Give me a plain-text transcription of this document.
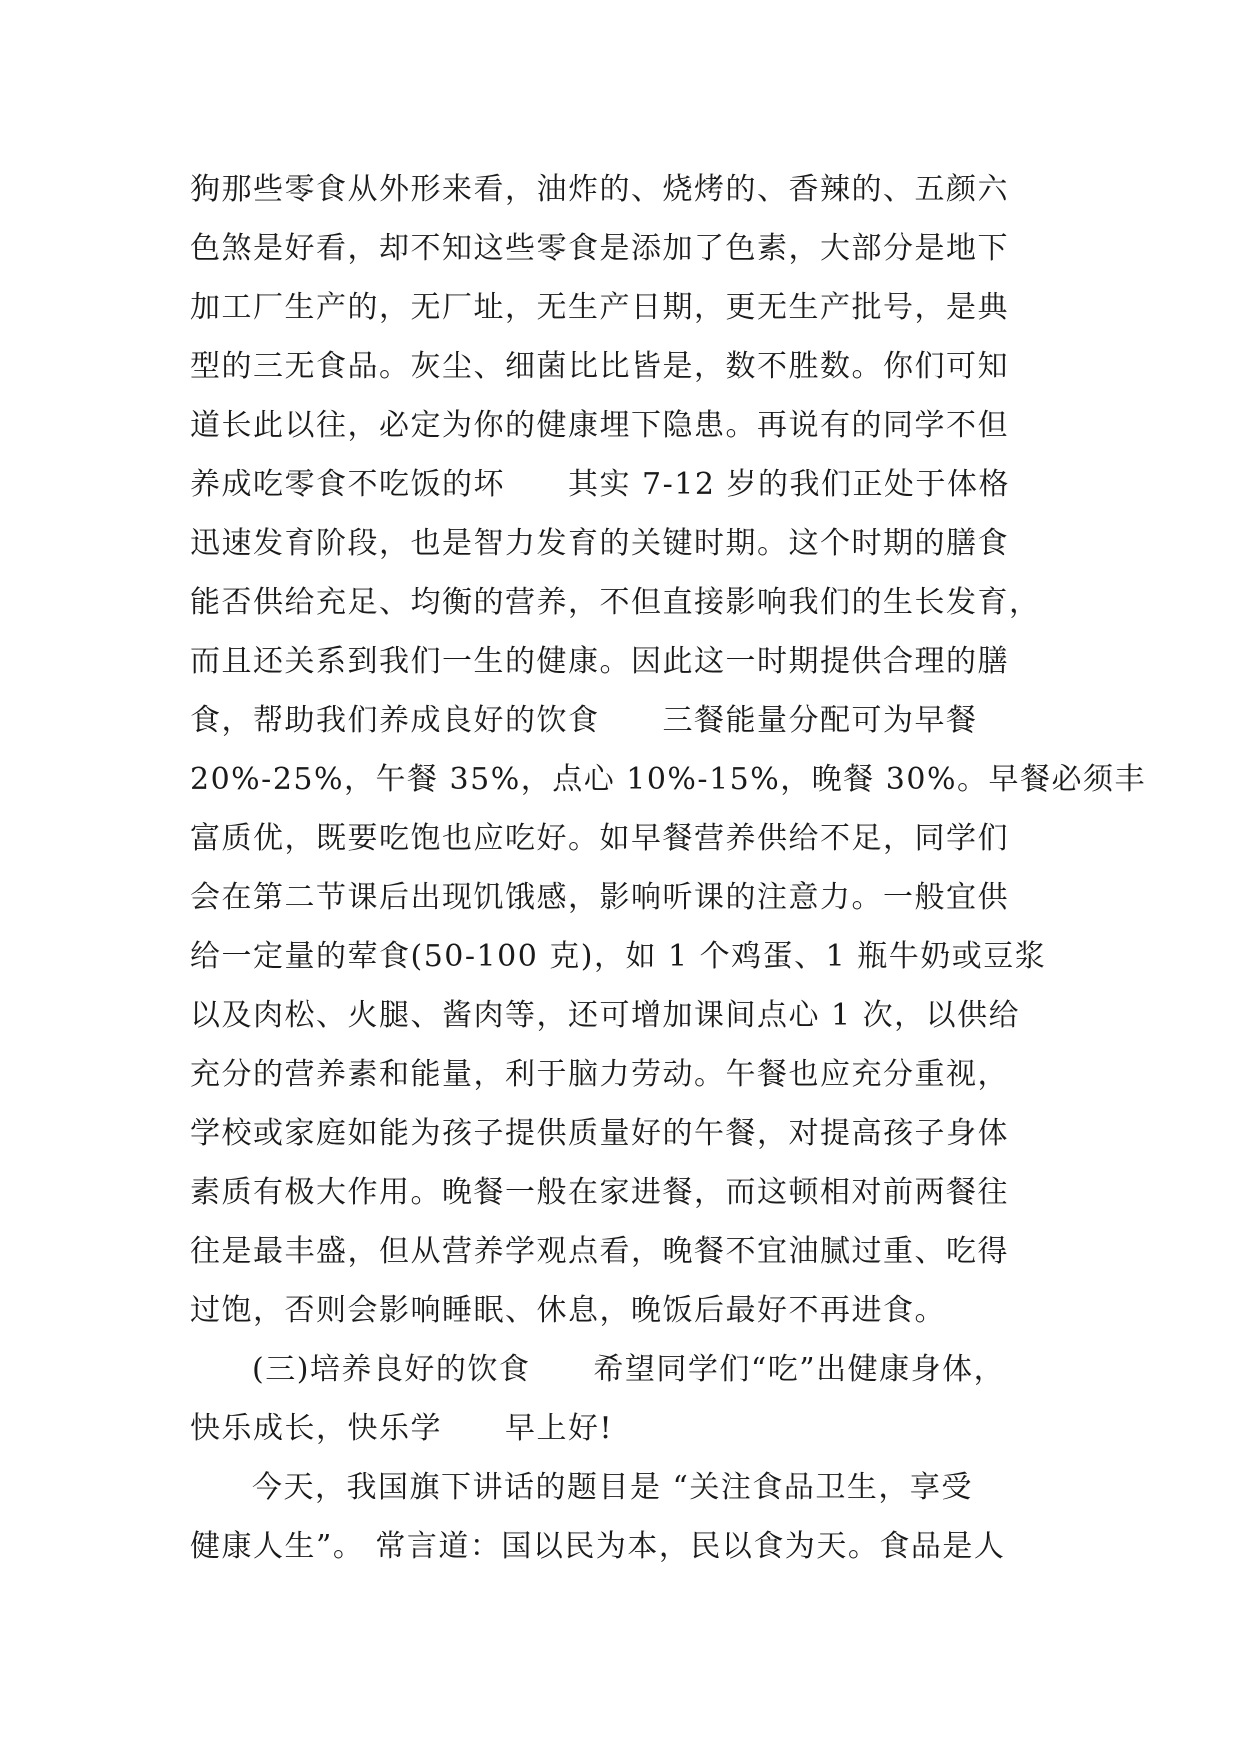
狗那些零食从外形来看，油炸的、烧烤的、香辣的、五颜六
色煞是好看，却不知这些零食是添加了色素，大部分是地下
加工厂生产的，无厂址，无生产日期，更无生产批号，是典
型的三无食品。灰尘、细菌比比皆是，数不胜数。你们可知
道长此以往，必定为你的健康埋下隐患。再说有的同学不但
养成吃零食不吃饭的坏　　其实 7-12 岁的我们正处于体格
迅速发育阶段，也是智力发育的关键时期。这个时期的膳食
能否供给充足、均衡的营养，不但直接影响我们的生长发育，
而且还关系到我们一生的健康。因此这一时期提供合理的膳
食，帮助我们养成良好的饮食　　三餐能量分配可为早餐
20%-25%，午餐 35%，点心 10%-15%，晚餐 30%。早餐必须丰
富质优，既要吃饱也应吃好。如早餐营养供给不足，同学们
会在第二节课后出现饥饿感，影响听课的注意力。一般宜供
给一定量的荤食(50-100 克)，如 1 个鸡蛋、1 瓶牛奶或豆浆
以及肉松、火腿、酱肉等，还可增加课间点心 1 次，以供给
充分的营养素和能量，利于脑力劳动。午餐也应充分重视，
学校或家庭如能为孩子提供质量好的午餐，对提高孩子身体
素质有极大作用。晚餐一般在家进餐，而这顿相对前两餐往
往是最丰盛，但从营养学观点看，晚餐不宜油腻过重、吃得
过饱，否则会影响睡眠、休息，晚饭后最好不再进食。
(三)培养良好的饮食　　希望同学们“吃”出健康身体，
快乐成长，快乐学　　早上好!
今天，我国旗下讲话的题目是 “关注食品卫生，享受
健康人生”。 常言道：国以民为本，民以食为天。食品是人
